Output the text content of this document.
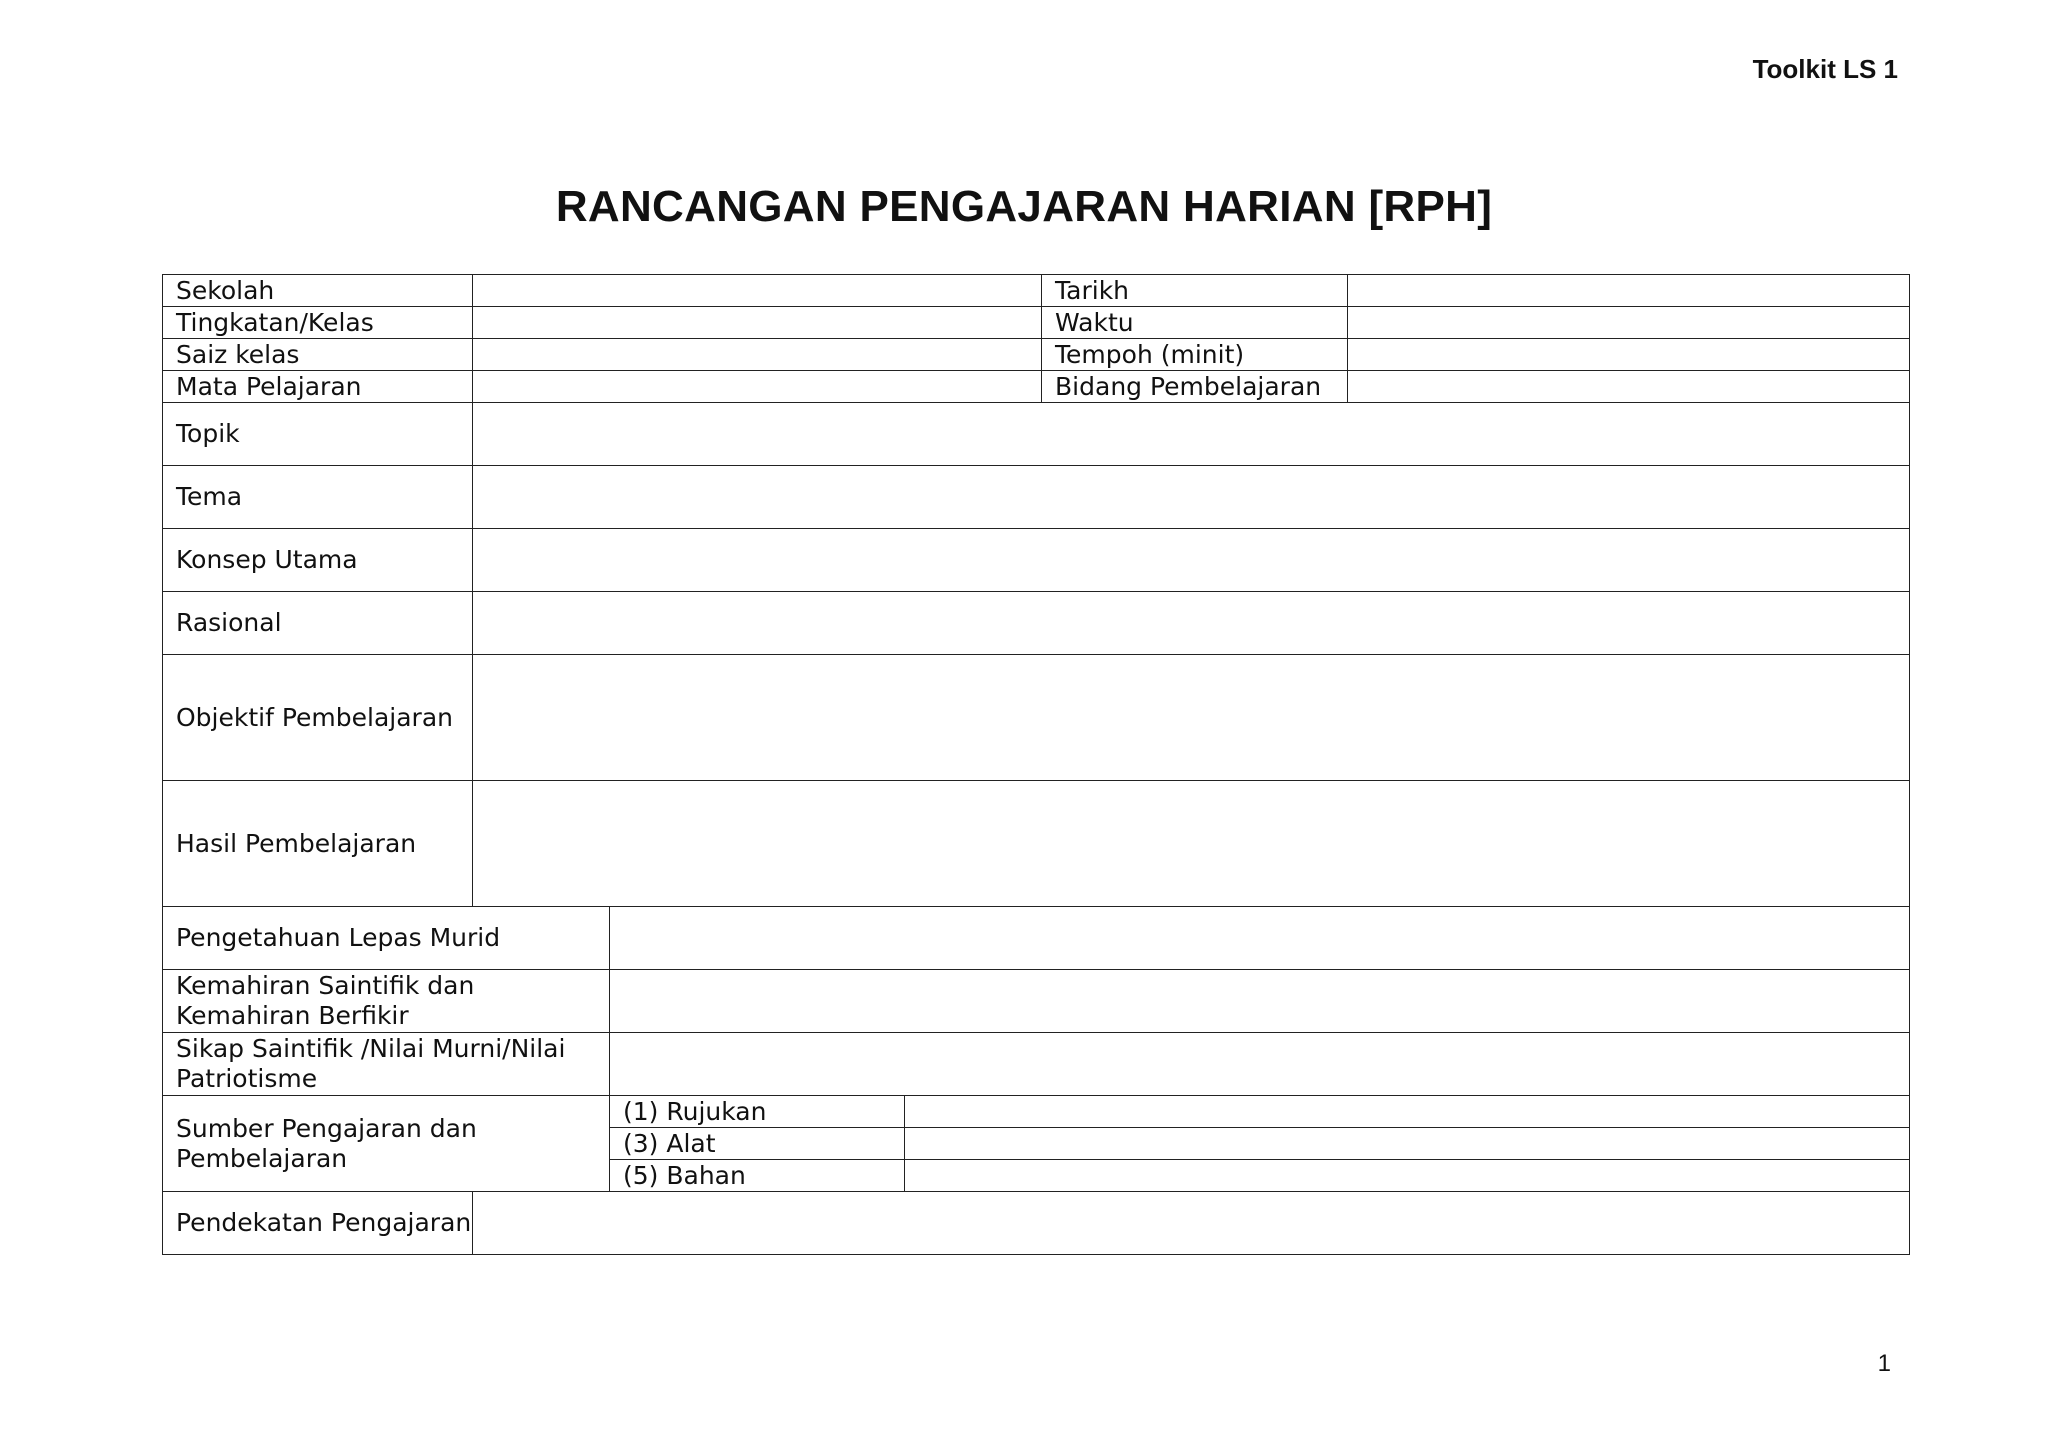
Toolkit LS 1
RANCANGAN PENGAJARAN HARIAN [RPH]
Sekolah				Tarikh	
Tingkatan/Kelas				Waktu	
Saiz kelas				Tempoh (minit)	
Mata Pelajaran				Bidang Pembelajaran	
Topik					
Tema					
Konsep Utama					
Rasional					
Objektif Pembelajaran					
Hasil Pembelajaran					
Pengetahuan Lepas Murid					
Kemahiran Saintifik dan Kemahiran Berfikir					
Sikap Saintifik /Nilai Murni/Nilai Patriotisme					
Sumber Pengajaran dan Pembelajaran		(1) Rujukan			
		(3) Alat			
		(5) Bahan			
Pendekatan Pengajaran					
1
